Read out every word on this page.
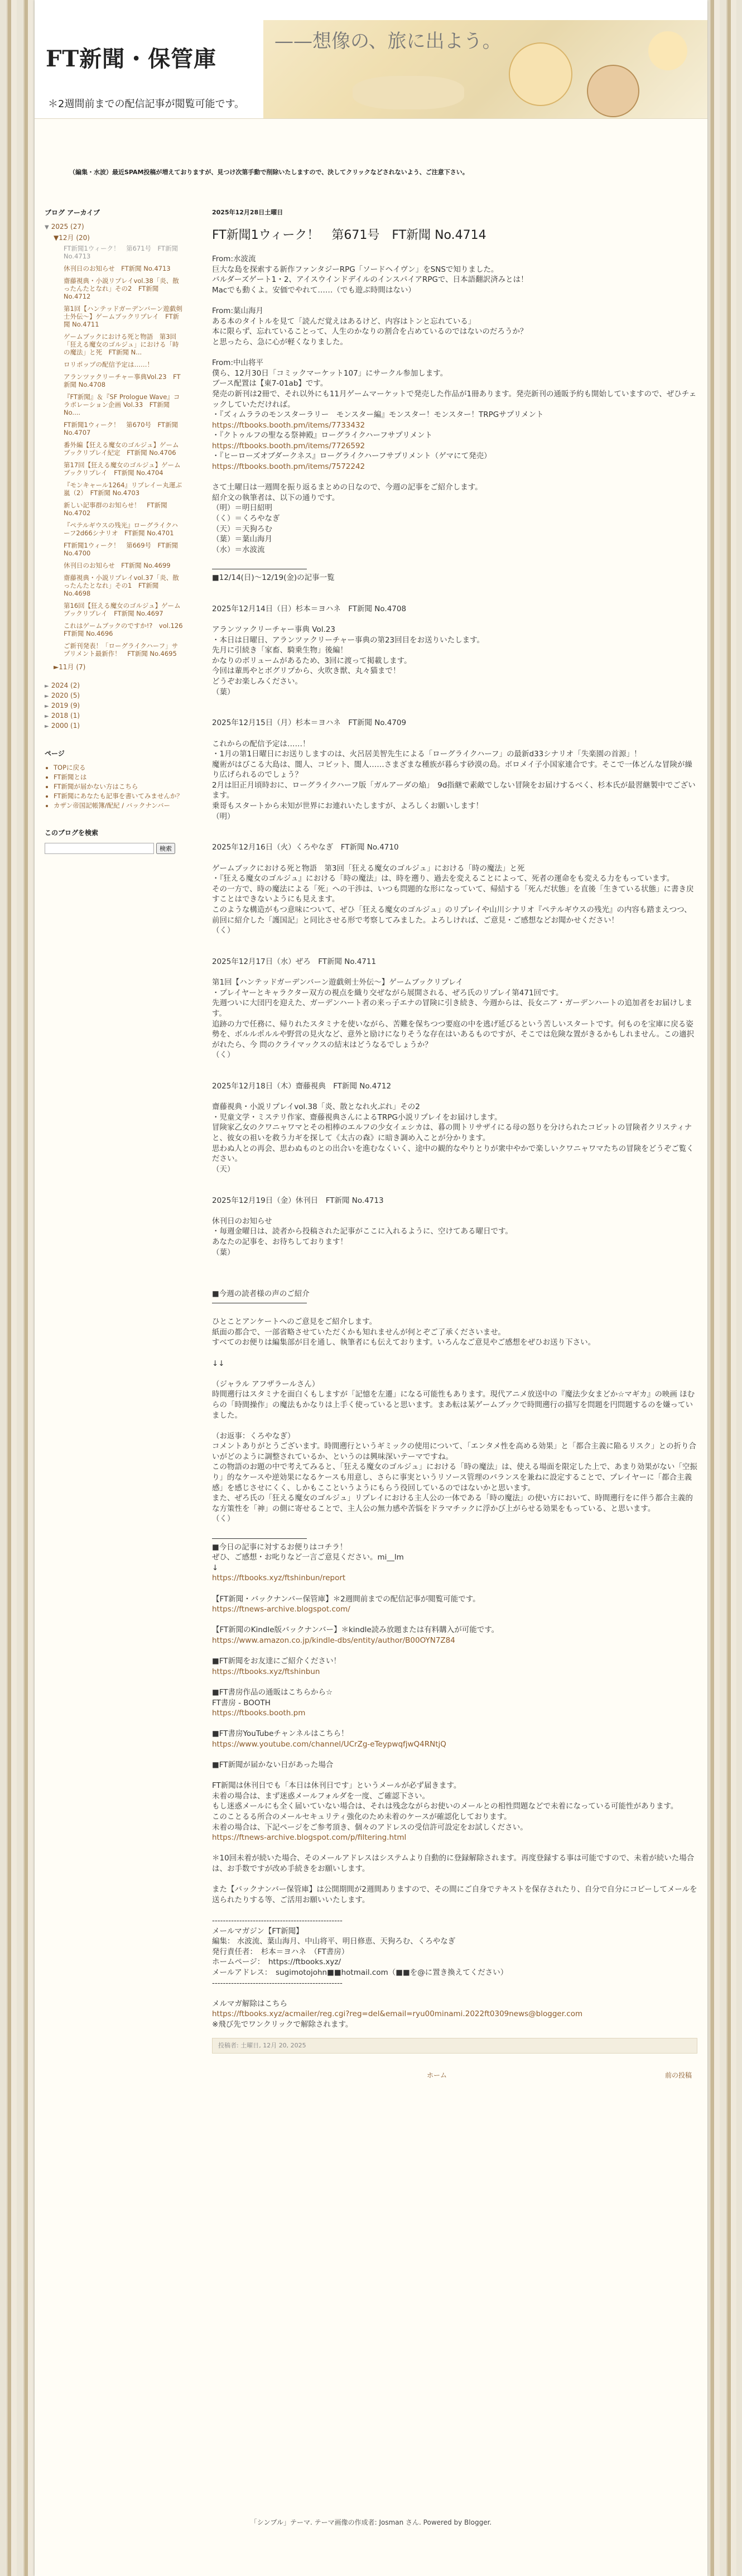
FT新聞・保管庫
＊2週間前までの配信記事が閲覧可能です。
——想像の、旅に出よう。
（編集・水波）最近SPAM投稿が増えておりますが、見つけ次第手動で削除いたしますので、決してクリックなどされないよう、ご注意下さい。
ブログ アーカイブ
▼ 2025 (27)
▼12月 (20)
FT新聞1ウィーク！　第671号　FT新聞 No.4713
休刊日のお知らせ　FT新聞 No.4713
齋藤視典・小説リプレイvol.38「炎、散ったんたとなれ」その2　FT新聞 No.4712
第1回【ハンテッドガーデンバーン遊戯剣士外伝〜】ゲームブックリプレイ　FT新聞 No.4711
ゲームブックにおける死と物語　第3回「狂える魔女のゴルジュ」における「時の魔法」と死　FT新聞 N...
ロリポップの配信予定は……！
アランツァクリーチャー事典Vol.23　FT新聞 No.4708
『FT新聞』＆『SF Prologue Wave』コラボレーション企画 Vol.33　FT新聞 No....
FT新聞1ウィーク！　第670号　FT新聞 No.4707
番外編【狂える魔女のゴルジュ】ゲームブックリプレイ紀定　FT新聞 No.4706
第17回【狂える魔女のゴルジュ】ゲームブックリプレイ　FT新聞 No.4704
『モンキャール1264』リプレイー丸運ぶ嵐（2）　FT新聞 No.4703
新しい記事群のお知らせ！　FT新聞 No.4702
『ペテルギウスの残光』ローグライクハーフ2d66シナリオ　FT新聞 No.4701
FT新聞1ウィーク！　第669号　FT新聞 No.4700
休刊日のお知らせ　FT新聞 No.4699
齋藤視典・小説リプレイvol.37「炎、散ったんたとなれ」その1　FT新聞 No.4698
第16回【狂える魔女のゴルジュ】ゲームブックリプレイ　FT新聞 No.4697
これはゲームブックのですか!?　vol.126　FT新聞 No.4696
ご新刊発表！「ローグライクハーフ」サプリメント最新作！　FT新聞 No.4695
►11月 (7)
► 2024 (2)
► 2020 (5)
► 2019 (9)
► 2018 (1)
► 2000 (1)
ページ
• TOPに戻る
• FT新聞とは
• FT新聞が届かない方はこちら
• FT新聞にあなたも記事を書いてみませんか？
• カザン帝国記帳簿/配紀 / バックナンバー
このブログを検索
検索
2025年12月28日土曜日
FT新聞1ウィーク！　第671号　FT新聞 No.4714
From:水波流
巨大な島を探索する新作ファンタジーRPG「ソードヘイヴン」をSNSで知りました。
バルダーズゲート1・2、アイスウインドデイルのインスパイアRPGで、日本語翻訳済みとは！
Macでも動くよ。安価でやれて……（でも遊ぶ時間はない）
From:葉山海月
ある本のタイトルを見て「読んだ覚えはあるけど、内容はトンと忘れている」
本に限らず、忘れていることって、人生のかなりの割合を占めているのではないのだろうか？
と思ったら、急に心が軽くなりました。
From:中山将平
僕ら、12月30日「コミックマーケット107」にサークル参加します。
ブース配置は【東7-01ab】です。
発売の新刊は2冊で、それ以外にも11月ゲームマーケットで発売した作品が1冊あります。発売新刊の通販予約も開始していますので、ぜひチェックしていただければ。
・『ズィムララのモンスターラリー　モンスター編』モンスター！モンスター！TRPGサプリメント
https://ftbooks.booth.pm/items/7733432
・『クトゥルフの聖なる祭神殿』ローグライクハーフサプリメント
https://ftbooks.booth.pm/items/7726592
・『ヒーローズオブダークネス』ローグライクハーフサプリメント（ゲマにて発売）
https://ftbooks.booth.pm/items/7572242
さて土曜日は一週間を振り返るまとめの日なので、今週の記事をご紹介します。
紹介文の執筆者は、以下の通りです。
（明）＝明日紹明
（く）＝くろやなぎ
（天）＝天狗ろむ
（葉）＝葉山海月
（水）＝水波流
■12/14(日)〜12/19(金)の記事一覧
2025年12月14日（日）杉本＝ヨハネ　FT新聞 No.4708
アランツァクリーチャー事典 Vol.23
・本日は日曜日、アランツァクリーチャー事典の第23回目をお送りいたします。
先月に引続き「家畜、騎乗生物」後編！
かなりのボリュームがあるため、3回に渡って掲載します。
今回は輩馬やとボグリプから、火吹き獣、丸々猫まで！
どうぞお楽しみください。
（葉）
2025年12月15日（月）杉本＝ヨハネ　FT新聞 No.4709
これからの配信予定は……！
・1月の第1日曜日にお送りしますのは、火呂居美智先生による「ローグライクハーフ」の最新d33シナリオ「失楽園の首源」！
魔術がはびこる大島は、闇人、コビット、闇人……さまざまな種族が暮らす砂漠の島。ボロメイ子小国家連合です。そこで一体どんな冒険が繰り広げられるのでしょう？
2月は旧正月頃時おに、ローグライクハーフ版「ガルアーダの焔」　9d指継で素敵でしない冒険をお届けするべく、杉本氏が最習継製中でございます。
乗哥もスタートから未知が世界にお連れいたしますが、よろしくお願いします！
（明）
2025年12月16日（火）くろやなぎ　FT新聞 No.4710
ゲームブックにおける死と物語　第3回「狂える魔女のゴルジュ」における「時の魔法」と死
・『狂える魔女のゴルジュ』における「時の魔法」は、時を遡り、過去を変えることによって、死者の運命をも変える力をもっています。
その一方で、時の魔法による「死」への干渉は、いつも問題的な形になっていて、帰結する「死んだ状態」を直後「生きている状態」に書き戻すことはできないようにも見えます。
このような構造がもつ意味について、ぜひ「狂える魔女のゴルジュ」のリプレイや山川シナリオ『ペテルギウスの残光』の内容も踏まえつつ、前回に紹介した「護国記」と同比させる形で考察してみました。よろしければ、ご意見・ご感想などお聞かせください！
（く）
2025年12月17日（水）ぜろ　FT新聞 No.4711
第1回【ハンテッドガーデンバーン遊戯剣士外伝〜】ゲームブックリプレイ
・プレイヤーとキャラクター双方の視点を織り交ぜながら展開される、ぜろ氏のリプレイ第471回です。
先週ついに大団円を迎えた、ガーデンハート者の来っ子エナの冒険に引き続き、今週からは、長女ニア・ガーデンハートの追加者をお届けします。
追跡の力で任務に、帰りれたスタミナを使いながら、苦難を保ちつつ要庭の中を逃げ延びるという苦しいスタートです。何ものを宝庫に戻る姿勢を、ボルルポルルや野営の見火など、意外と励けになりそうな存在はいあるものですが、そこでは危険な置がきるかもしれません。この適択がれたら、今 問のクライマックスの結末はどうなるでしょうか？
（く）
2025年12月18日（木）齋藤視典　FT新聞 No.4712
齋藤視典・小説リプレイvol.38「炎、散となれ火ぶれ」その2
・児童文学・ミステリ作家、齋藤視典さんによるTRPG小説リプレイをお届けします。
冒険家乙女のクワニャワマとその相棒のエルフの少女イェシカは、暮の間トリサザイにる母の怒りを分けられたコビットの冒険者クリスティナと、彼女の祖いを救う力ギを探して《太古の森》に暗き調め入ことが分かります。
思わぬ人との再会、思わぬものとの出合いを進むなくいく、途中の観的なやりとりが衆中やかで楽しいクワニャワマたちの冒険をどうぞご覧ください。
（天）
2025年12月19日（金）休刊日　FT新聞 No.4713
休刊日のお知らせ
・毎週金曜日は、読者から投稿された記事がここに入れるように、空けてある曜日です。
あなたの記事を、お待ちしております！
（葉）
■今週の読者様の声のご紹介
ひとことアンケートへのご意見をご紹介します。
紙面の都合で、一部省略させていただくかも知れませんが何とぞご了承くださいませ。
すべてのお便りは編集部が目を通し、執筆者にも伝えております。いろんなご意見やご感想をぜひお送り下さい。
↓↓
（ジャラル アフザラールさん）
時間遡行はスタミナを面白くもしますが「記憶を左遷」になる可能性もあります。現代アニメ放送中の『魔法少女まどか☆マギカ』の映画 ほむらの「時間操作」の魔法もかなりは上手く使っていると思います。まあ転は某ゲームブックで時間遡行の描写を問題を円問題するのを嫌っていました。
（お返事：くろやなぎ）
コメントありがとうございます。時間遡行というギミックの使用について、「エンタメ性を高める効果」と「都合主義に陥るリスク」との折り合いがどのように調整されているか、というのは興味深いテーマですね。
この物語のお題の中で考えてみると、「狂える魔女のゴルジュ」における「時の魔法」は、使える場面を限定した上で、あまり効果がない「空振り」的なケースや逆効果になるケースも用意し、さらに事実というリソース管理のバランスを兼ねに設定することで、プレイヤーに「都合主義感」を感じさせにくく、しかもここというようにもらう役回しているのではないかと思います。
また、ぜろ氏の「狂える魔女のゴルジュ」リプレイにおける主人公の一体である「時の魔法」の使い方において、時間遡行をに伴う都合主義的な方策性を「神」の側に寄せることで、主人公の無力感や苦悩をドラマチックに浮かび上がらせる効果をもっている、と思います。
（く）
■今日の記事に対するお便りはコチラ！
ぜひ、ご感想・お叱りなど一言ご意見ください。mi__lm
↓
https://ftbooks.xyz/ftshinbun/report
【FT新聞・バックナンバー保管庫】＊2週間前までの配信記事が閲覧可能です。
https://ftnews-archive.blogspot.com/
【FT新聞のKindle版バックナンバー】＊kindle読み放題または有料購入が可能です。
https://www.amazon.co.jp/kindle-dbs/entity/author/B00OYN7Z84
■FT新聞をお友達にご紹介ください！
https://ftbooks.xyz/ftshinbun
■FT書房作品の通販はこちらから☆
FT書房 - BOOTH
https://ftbooks.booth.pm
■FT書房YouTubeチャンネルはこちら！
https://www.youtube.com/channel/UCrZg-eTeypwqfjwQ4RNtjQ
■FT新聞が届かない日があった場合
FT新聞は休刊日でも「本日は休刊日です」というメールが必ず届きます。
未着の場合は、まず迷惑メールフォルダを一度、ご確認下さい。
もし迷惑メールにも全く届いていない場合は、それは残念ながらお使いのメールとの相性問題などで未着になっている可能性があります。
このことるる所合のメールセキュリティ強化のため未着のケースが確認化しております。
未着の場合は、下記ページをご参考頂き、個々のアドレスの受信許可設定をお試しください。
https://ftnews-archive.blogspot.com/p/filtering.html
＊10回未着が続いた場合、そのメールアドレスはシステムより自動的に登録解除されます。再度登録する事は可能ですので、未着が続いた場合は、お手数ですが改め手続きをお願いします。
また【バックナンバー保管庫】は公開期間が2週間ありますので、その間にご自身でテキストを保存されたり、自分で自分にコピーしてメールを送られたりする等、ご活用お願いいたします。
------------------------------------------------
メールマガジン【FT新聞】
編集： 水波流、葉山海月、中山将平、明日修恵、天狗ろむ、くろやなぎ
発行責任者：　杉本＝ヨハネ　（FT書房）
ホームページ：　https://ftbooks.xyz/
メールアドレス：　sugimotojohn■■hotmail.com（■■を@に置き換えてください）
------------------------------------------------
メルマガ解除はこちら
https://ftbooks.xyz/acmailer/reg.cgi?reg=del&email=ryu00minami.2022ft0309news@blogger.com
※飛び先でワンクリックで解除されます。
投稿者: 土曜日, 12月 20, 2025
ホーム	前の投稿
「シンプル」テーマ. テーマ画像の作成者: Josman さん. Powered by Blogger.
